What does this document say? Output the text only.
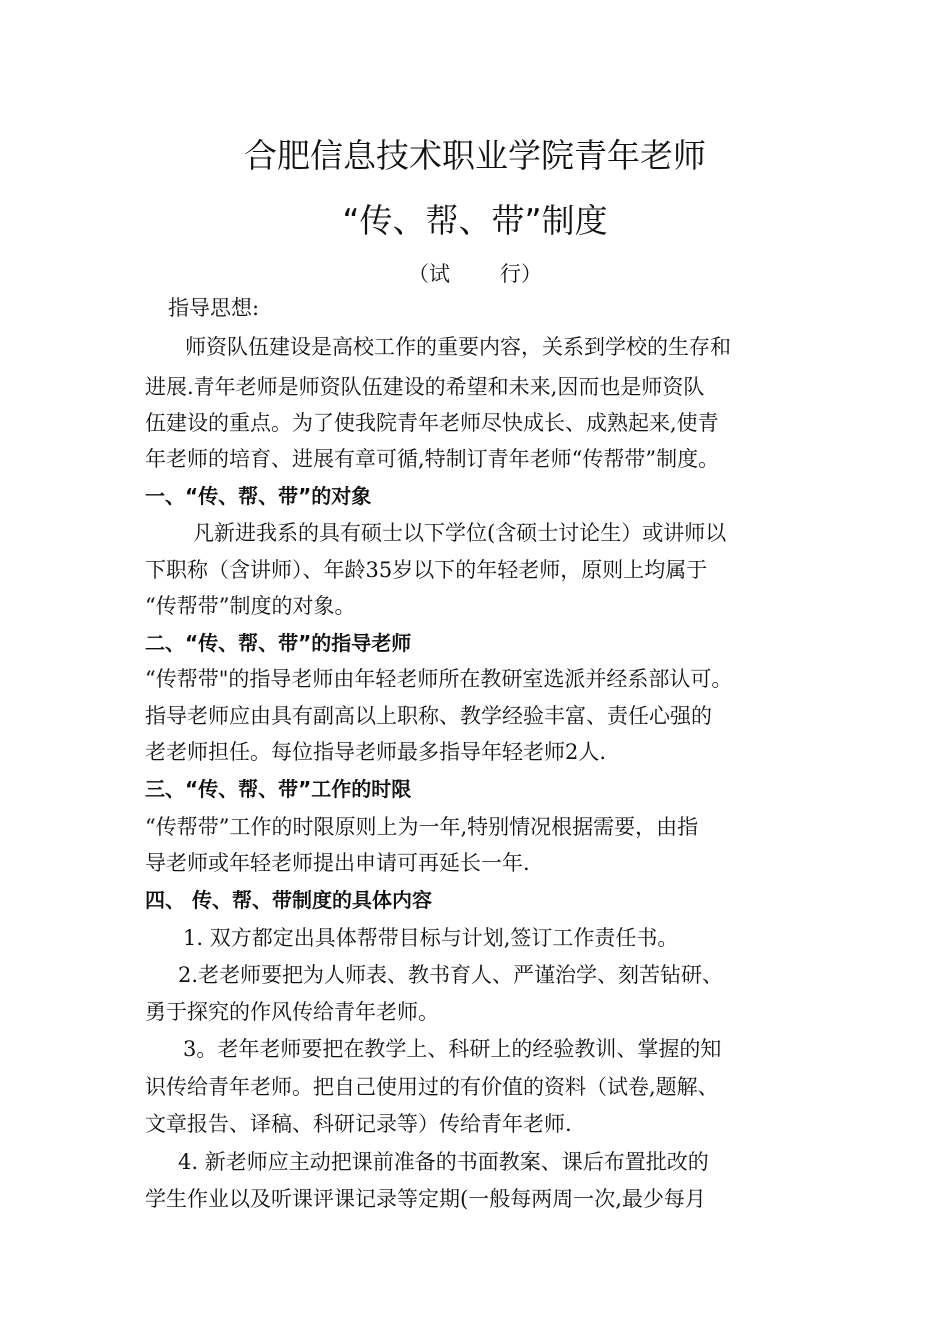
合肥信息技术职业学院青年老师
“传、帮、带”制度
（试 行）
指导思想:
师资队伍建设是高校工作的重要内容，关系到学校的生存和
进展.青年老师是师资队伍建设的希望和未来,因而也是师资队
伍建设的重点。为了使我院青年老师尽快成长、成熟起来,使青
年老师的培育、进展有章可循,特制订青年老师“传帮带”制度。
一、“传、帮、带”的对象
凡新进我系的具有硕士以下学位(含硕士讨论生）或讲师以
下职称（含讲师）、年龄35岁以下的年轻老师，原则上均属于
“传帮带”制度的对象。
二、“传、帮、带”的指导老师
“传帮带"的指导老师由年轻老师所在教研室选派并经系部认可。
指导老师应由具有副高以上职称、教学经验丰富、责任心强的
老老师担任。每位指导老师最多指导年轻老师2人.
三、“传、帮、带”工作的时限
“传帮带”工作的时限原则上为一年,特别情况根据需要，由指
导老师或年轻老师提出申请可再延长一年.
四、 传、帮、带制度的具体内容
1. 双方都定出具体帮带目标与计划,签订工作责任书。
2.老老师要把为人师表、教书育人、严谨治学、刻苦钻研、
勇于探究的作风传给青年老师。
3。老年老师要把在教学上、科研上的经验教训、掌握的知
识传给青年老师。把自己使用过的有价值的资料（试卷,题解、
文章报告、译稿、科研记录等）传给青年老师.
4. 新老师应主动把课前准备的书面教案、课后布置批改的
学生作业以及听课评课记录等定期(一般每两周一次,最少每月
